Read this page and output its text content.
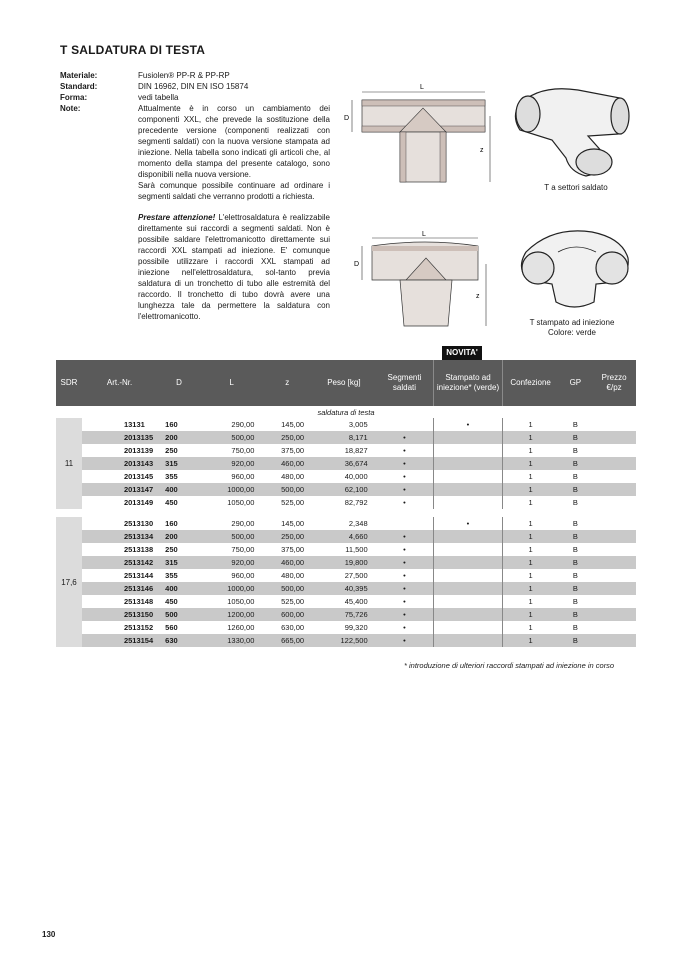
T SALDATURA DI TESTA
Materiale:	Fusiolen® PP-R & PP-RP
Standard:	DIN 16962, DIN EN ISO 15874
Forma:	vedi tabella
Note:	Attualmente è in corso un cambiamento dei componenti XXL, che prevede la sostituzione della precedente versione (componenti realizzati con segmenti saldati) con la nuova versione stampata ad iniezione. Nella tabella sono indicati gli articoli che, al momento della stampa del presente catalogo, sono disponibili nella nuova versione.

Sarà comunque possibile continuare ad ordinare i segmenti saldati che verranno prodotti a richiesta.

Prestare attenzione! L'elettrosaldatura è realizzabile direttamente sui raccordi a segmenti saldati. Non è possibile saldare l'elettromanicotto direttamente sui raccordi XXL stampati ad iniezione. E' comunque possibile utilizzare i raccordi XXL stampati ad iniezione nell'elettrosaldatura, sol-tanto previa saldatura di un tronchetto di tubo alle estremità del raccordo. Il tronchetto di tubo dovrà avere una lunghezza tale da permettere la saldatura con l'elettromanicotto.
L
D
z
T a settori saldato
L
D
z
T stampato ad iniezione
Colore: verde
NOVITA'
SDR	Art.-Nr.	D	L	z	Peso [kg]	Segmenti saldati	Stampato ad iniezione* (verde)	Confezione	GP	Prezzo €/pz
saldatura di testa										
11	13131	160	290,00	145,00	3,005		•	1	B	
	2013135	200	500,00	250,00	8,171	•		1	B	
	2013139	250	750,00	375,00	18,827	•		1	B	
	2013143	315	920,00	460,00	36,674	•		1	B	
	2013145	355	960,00	480,00	40,000	•		1	B	
	2013147	400	1000,00	500,00	62,100	•		1	B	
	2013149	450	1050,00	525,00	82,792	•		1	B	

17,6	2513130	160	290,00	145,00	2,348		•	1	B	
	2513134	200	500,00	250,00	4,660	•		1	B	
	2513138	250	750,00	375,00	11,500	•		1	B	
	2513142	315	920,00	460,00	19,800	•		1	B	
	2513144	355	960,00	480,00	27,500	•		1	B	
	2513146	400	1000,00	500,00	40,395	•		1	B	
	2513148	450	1050,00	525,00	45,400	•		1	B	
	2513150	500	1200,00	600,00	75,726	•		1	B	
	2513152	560	1260,00	630,00	99,320	•		1	B	
	2513154	630	1330,00	665,00	122,500	•		1	B	
* introduzione di ulteriori raccordi stampati ad iniezione in corso
130
